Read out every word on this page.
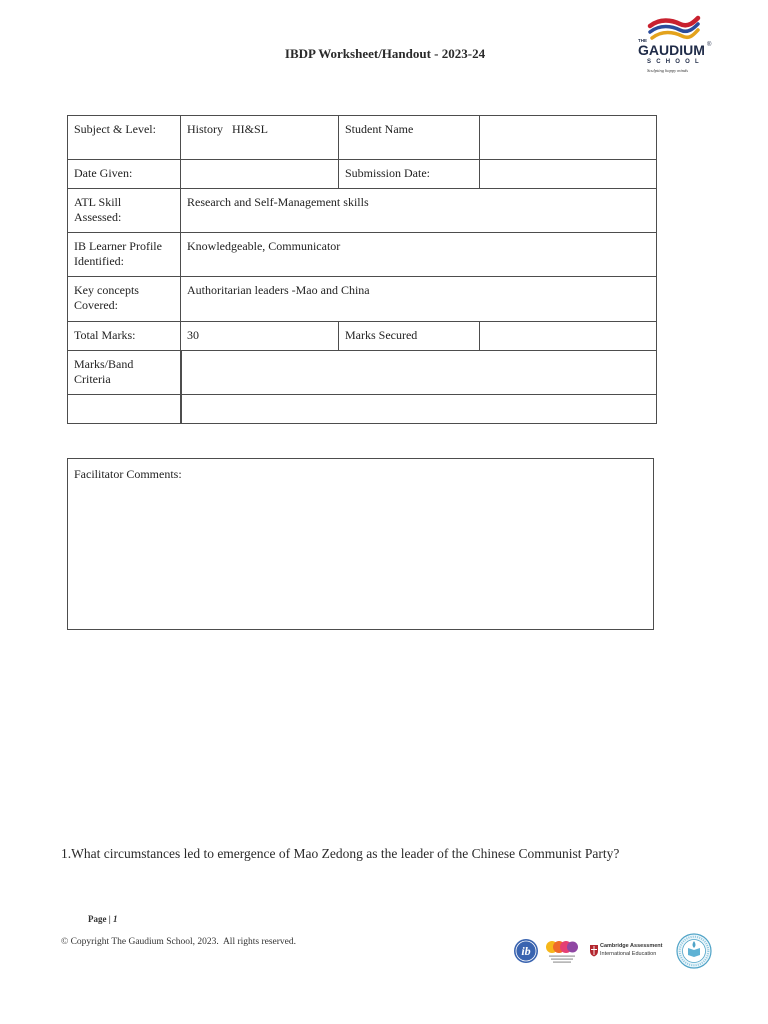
IBDP Worksheet/Handout - 2023-24
THE
GAUDIUM ®
SCHOOL
Sculpting happy minds
Subject & Level:	History   HI&SL	Student Name	
Date Given:		Submission Date:	
ATL Skill
Assessed:	Research and Self-Management skills		
IB Learner Profile
Identified:	Knowledgeable, Communicator		
Key concepts
Covered:	Authoritarian leaders -Mao and China		
Total Marks:	30	Marks Secured	
Marks/Band
Criteria			

Facilitator Comments:
1.What circumstances led to emergence of Mao Zedong as the leader of the Chinese Communist Party?
Page | 1
© Copyright The Gaudium School, 2023.  All rights reserved.
ib	Cambridge Assessment
International Education
